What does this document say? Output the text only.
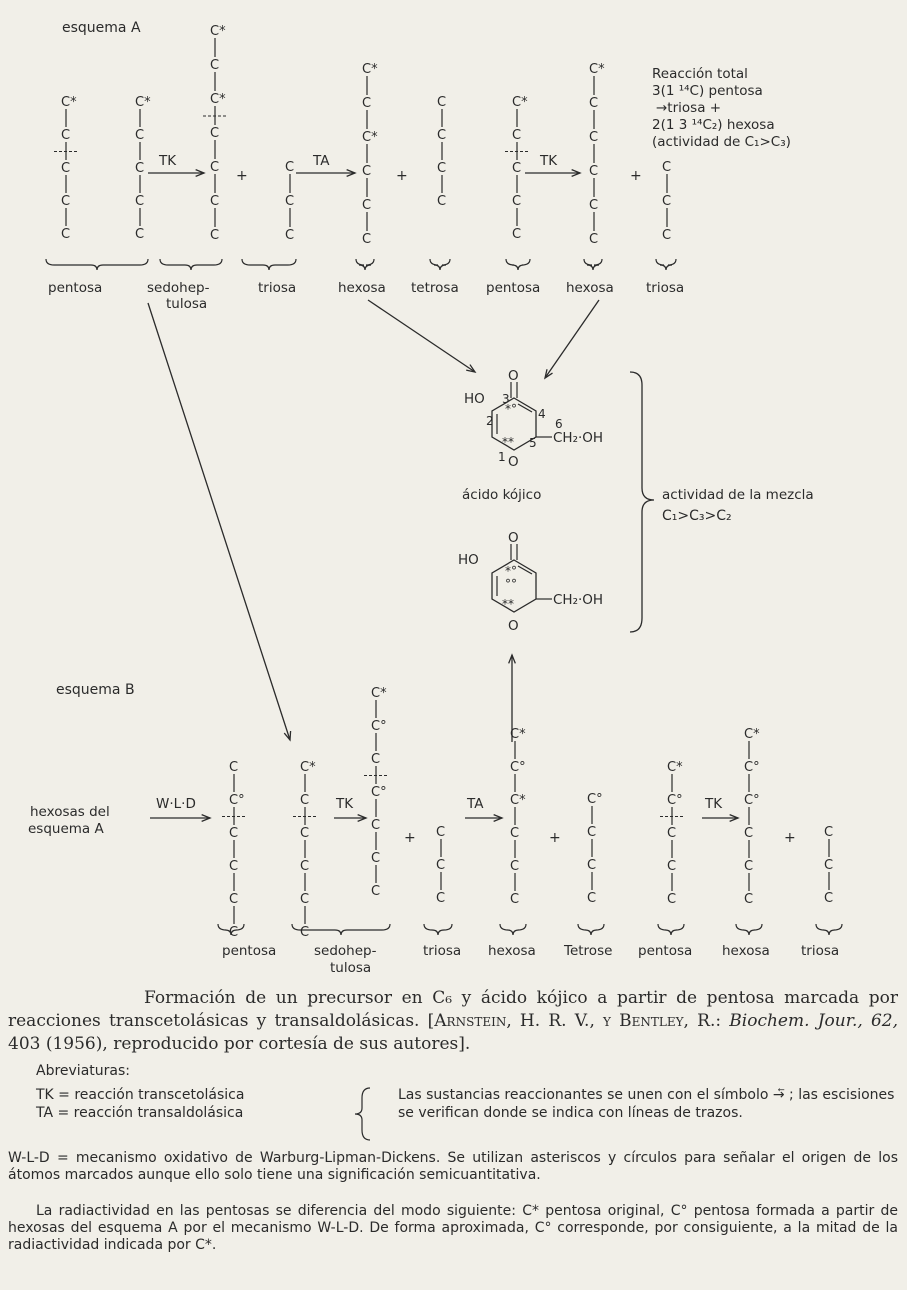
C*
C
C
C
C
C*
C
C
C
C
C*
C
C*
C
C
C
C
C
C
C
C*
C
C*
C
C
C
C
C
C
C
C*
C
C
C
C
C*
C
C
C
C
C
C
C
C
C
C°
C
C
C
C
C*
C
C
C
C
C
C*
C°
C
C°
C
C
C
C
C
C
C*
C°
C*
C
C
C
C°
C
C
C
C*
C°
C
C
C
C*
C°
C°
C
C
C
C
C
C
esquema A
Reacción total
3(1 ¹⁴C) pentosa
→triosa +
2(1 3 ¹⁴C₂) hexosa
(actividad de C₁>C₃)
TK	TA	TK
+	+	+
pentosa	sedohep-
tulosa
triosa	hexosa tetrosa pentosa hexosa triosa
O
HO
CH₂·OH
O
3
2	4
5
6
*°
**
1
ácido kójico	actividad de la mezcla
C₁>C₃>C₂
O
HO
CH₂·OH
O
*°
°°
**
esquema B
hexosas del
esquema A
W·L·D	TK	TA	TK
+	+	+
pentosa	sedohep-
tulosa
triosa hexosa Tetrose pentosa hexosa triosa

Formación de un precursor en C₆ y ácido kójico a partir de pentosa marcada por reacciones transcetolásicas y transaldolásicas. [Arnstein, H. R. V., y Bentley, R.: Biochem. Jour., 62, 403 (1956), reproducido por cortesía de sus autores].

Abreviaturas:
TK = reacción transcetolásica
TA = reacción transaldolásica
Las sustancias reaccionantes se unen con el símbolo →⃖ ; las escisiones se verifican donde se indica con líneas de trazos.

W-L-D = mecanismo oxidativo de Warburg-Lipman-Dickens. Se utilizan asteriscos y círculos para señalar el origen de los átomos marcados aunque ello solo tiene una significación semicuantitativa.

La radiactividad en las pentosas se diferencia del modo siguiente: C* pentosa original, C° pentosa formada a partir de hexosas del esquema A por el mecanismo W-L-D. De forma aproximada, C° corresponde, por consiguiente, a la mitad de la radiactividad indicada por C*.
